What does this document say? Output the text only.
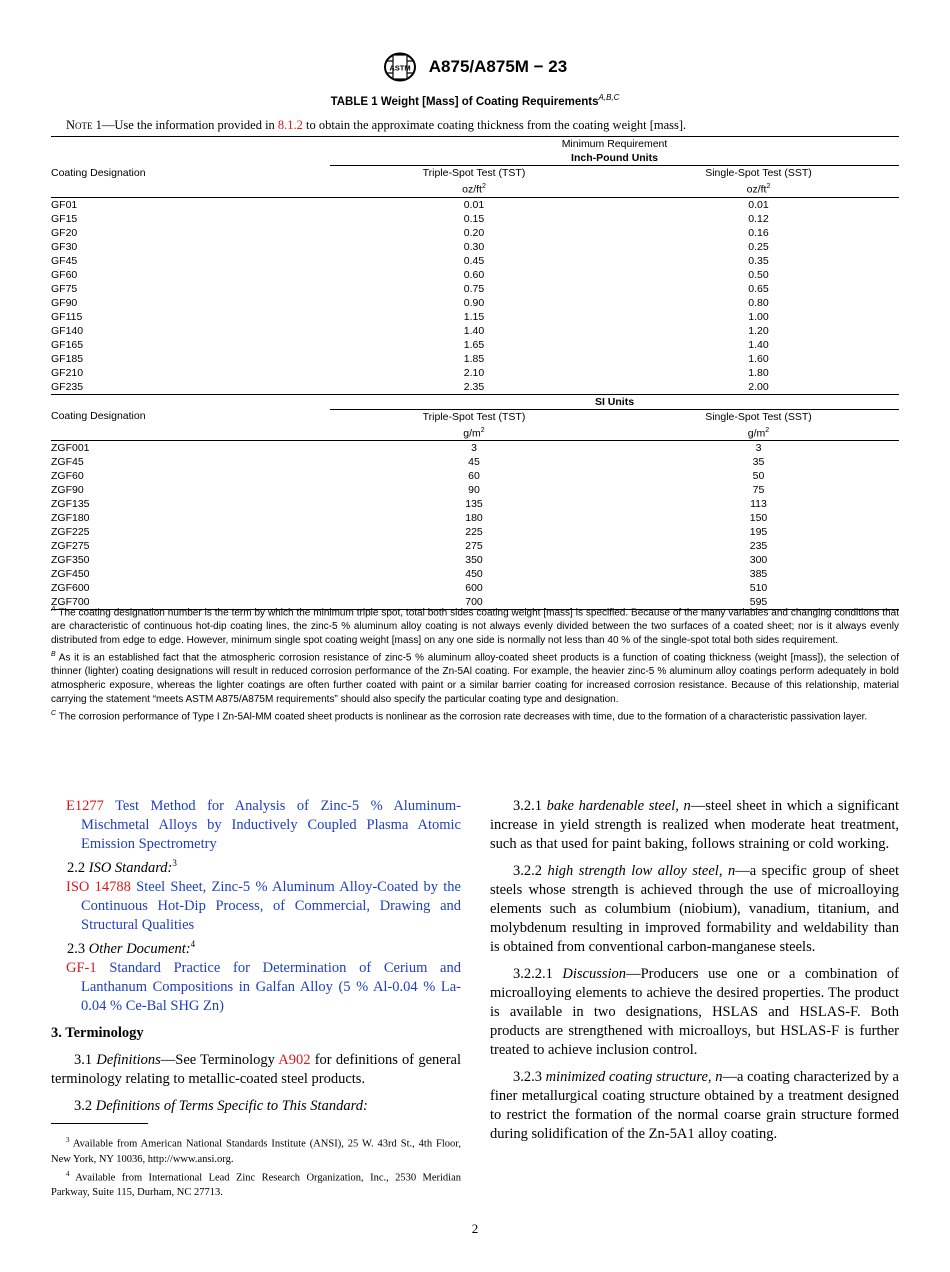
ASTM A875/A875M − 23
TABLE 1 Weight [Mass] of Coating Requirements$^{A,B,C}$
Note 1—Use the information provided in 8.1.2 to obtain the approximate coating thickness from the coating weight [mass].
	Minimum Requirement	
	Inch-Pound Units	
Coating Designation	Triple-Spot Test (TST)	Single-Spot Test (SST)
	$oz/ft^2$	$oz/ft^2$
GF01	0.01	0.01
GF15	0.15	0.12
GF20	0.20	0.16
GF30	0.30	0.25
GF45	0.45	0.35
GF60	0.60	0.50
GF75	0.75	0.65
GF90	0.90	0.80
GF115	1.15	1.00
GF140	1.40	1.20
GF165	1.65	1.40
GF185	1.85	1.60
GF210	2.10	1.80
GF235	2.35	2.00
	SI Units	
Coating Designation	Triple-Spot Test (TST)	Single-Spot Test (SST)
	$g/m^2$	$g/m^2$
ZGF001	3	3
ZGF45	45	35
ZGF60	60	50
ZGF90	90	75
ZGF135	135	113
ZGF180	180	150
ZGF225	225	195
ZGF275	275	235
ZGF350	350	300
ZGF450	450	385
ZGF600	600	510
ZGF700	700	595

$^A$ The coating designation number is the term by which the minimum triple spot, total both sides coating weight [mass] is specified. Because of the many variables and changing conditions that are characteristic of continuous hot-dip coating lines, the zinc-5 % aluminum alloy coating is not always evenly divided between the two surfaces of a coated sheet; nor is it always evenly distributed from edge to edge. However, minimum single spot coating weight [mass] on any one side is normally not less than 40 % of the single-spot total both sides requirement.

$^B$ As it is an established fact that the atmospheric corrosion resistance of zinc-5 % aluminum alloy-coated sheet products is a function of coating thickness (weight [mass]), the selection of thinner (lighter) coating designations will result in reduced corrosion performance of the Zn-5Al coating. For example, the heavier zinc-5 % aluminum alloy coatings perform adequately in bold atmospheric exposure, whereas the lighter coatings are often further coated with paint or a similar barrier coating for increased corrosion resistance. Because of this relationship, material carrying the statement “meets ASTM A875/A875M requirements” should also specify the particular coating type and designation.

$^C$ The corrosion performance of Type I Zn-5Al-MM coated sheet products is nonlinear as the corrosion rate decreases with time, due to the formation of a characteristic passivation layer.

E1277 Test Method for Analysis of Zinc-5 % Aluminum-Mischmetal Alloys by Inductively Coupled Plasma Atomic Emission Spectrometry

2.2 ISO Standard:$^3$

ISO 14788 Steel Sheet, Zinc-5 % Aluminum Alloy-Coated by the Continuous Hot-Dip Process, of Commercial, Drawing and Structural Qualities

2.3 Other Document:$^4$

GF-1 Standard Practice for Determination of Cerium and Lanthanum Compositions in Galfan Alloy (5 % Al-0.04 % La-0.04 % Ce-Bal SHG Zn)

3. Terminology

3.1 Definitions—See Terminology A902 for definitions of general terminology relating to metallic-coated steel products.

3.2 Definitions of Terms Specific to This Standard:

3.2.1 bake hardenable steel, n—steel sheet in which a significant increase in yield strength is realized when moderate heat treatment, such as that used for paint baking, follows straining or cold working.

3.2.2 high strength low alloy steel, n—a specific group of sheet steels whose strength is achieved through the use of microalloying elements such as columbium (niobium), vanadium, titanium, and molybdenum resulting in improved formability and weldability than is obtained from conventional carbon-manganese steels.

3.2.2.1 Discussion—Producers use one or a combination of microalloying elements to achieve the desired properties. The product is available in two designations, HSLAS and HSLAS-F. Both products are strengthened with microalloys, but HSLAS-F is further treated to achieve inclusion control.

3.2.3 minimized coating structure, n—a coating characterized by a finer metallurgical coating structure obtained by a treatment designed to restrict the formation of the normal coarse grain structure formed during solidification of the Zn-5A1 alloy coating.

$^3$ Available from American National Standards Institute (ANSI), 25 W. 43rd St., 4th Floor, New York, NY 10036, http://www.ansi.org.

$^4$ Available from International Lead Zinc Research Organization, Inc., 2530 Meridian Parkway, Suite 115, Durham, NC 27713.

2
